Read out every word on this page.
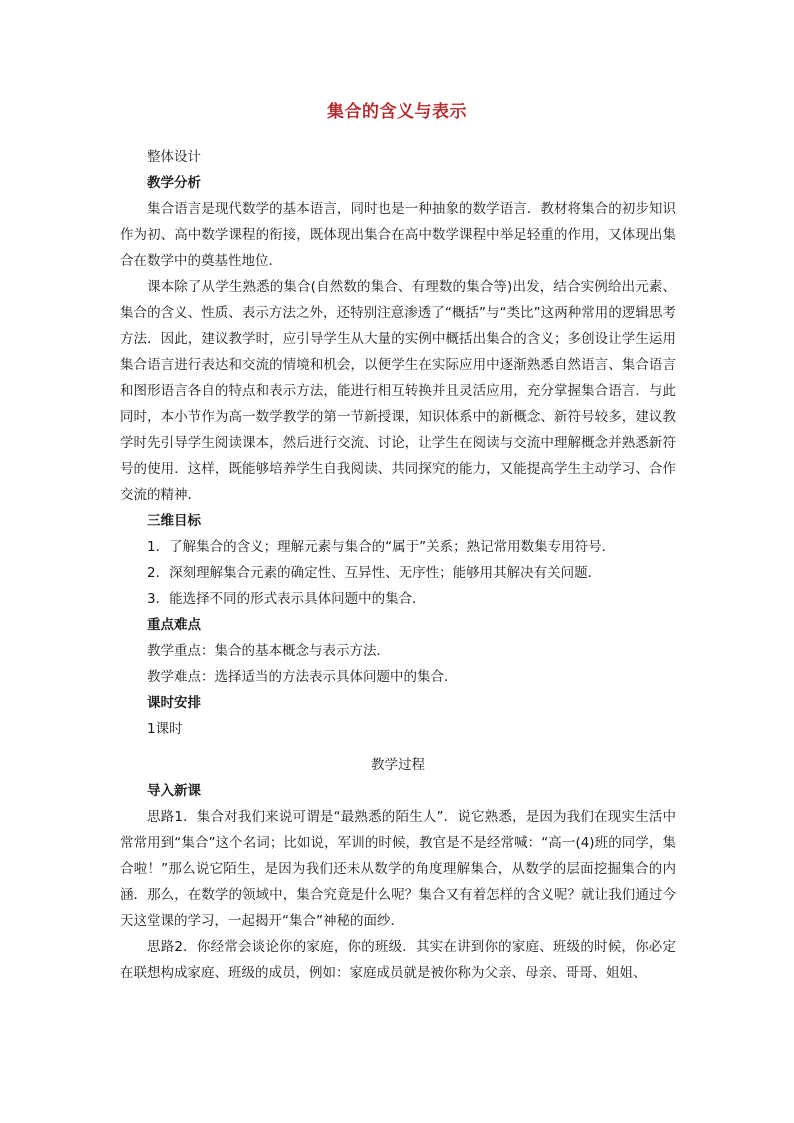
集合的含义与表示

整体设计

教学分析

集合语言是现代数学的基本语言，同时也是一种抽象的数学语言．教材将集合的初步知识作为初、高中数学课程的衔接，既体现出集合在高中数学课程中举足轻重的作用，又体现出集合在数学中的奠基性地位．

课本除了从学生熟悉的集合(自然数的集合、有理数的集合等)出发，结合实例给出元素、集合的含义、性质、表示方法之外，还特别注意渗透了“概括”与“类比”这两种常用的逻辑思考方法．因此，建议教学时，应引导学生从大量的实例中概括出集合的含义；多创设让学生运用集合语言进行表达和交流的情境和机会，以便学生在实际应用中逐渐熟悉自然语言、集合语言和图形语言各自的特点和表示方法，能进行相互转换并且灵活应用，充分掌握集合语言．与此同时，本小节作为高一数学教学的第一节新授课，知识体系中的新概念、新符号较多，建议教学时先引导学生阅读课本，然后进行交流、讨论，让学生在阅读与交流中理解概念并熟悉新符号的使用．这样，既能够培养学生自我阅读、共同探究的能力，又能提高学生主动学习、合作交流的精神．

三维目标

1．了解集合的含义；理解元素与集合的“属于”关系；熟记常用数集专用符号．

2．深刻理解集合元素的确定性、互异性、无序性；能够用其解决有关问题．

3．能选择不同的形式表示具体问题中的集合．

重点难点

教学重点：集合的基本概念与表示方法．

教学难点：选择适当的方法表示具体问题中的集合．

课时安排

1课时

教学过程

导入新课

思路1．集合对我们来说可谓是“最熟悉的陌生人”．说它熟悉，是因为我们在现实生活中常常用到“集合”这个名词；比如说，军训的时候，教官是不是经常喊：“高一(4)班的同学，集合啦！”那么说它陌生，是因为我们还未从数学的角度理解集合，从数学的层面挖掘集合的内涵．那么，在数学的领域中，集合究竟是什么呢？集合又有着怎样的含义呢？就让我们通过今天这堂课的学习，一起揭开“集合”神秘的面纱．

思路2．你经常会谈论你的家庭，你的班级．其实在讲到你的家庭、班级的时候，你必定在联想构成家庭、班级的成员，例如：家庭成员就是被你称为父亲、母亲、哥哥、姐姐、
